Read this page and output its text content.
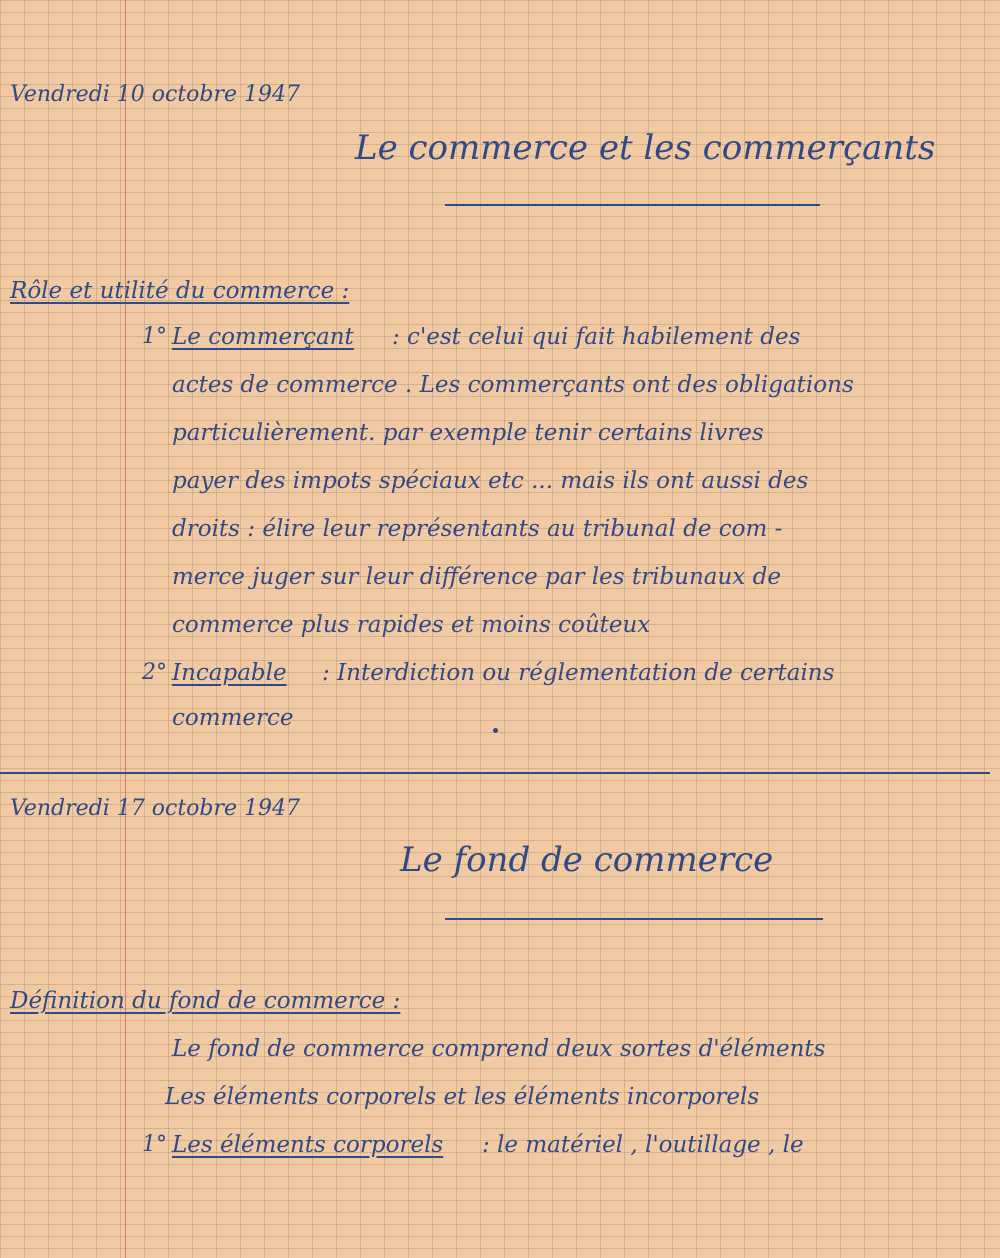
Vendredi 10 octobre 1947
Le commerce et les commerçants
Rôle et utilité du commerce :
1° Le commerçant : c'est celui qui fait habilement des
actes de commerce . Les commerçants ont des obligations
particulièrement. par exemple tenir certains livres
payer des impots spéciaux etc ... mais ils ont aussi des
droits : élire leur représentants au tribunal de com -
merce juger sur leur différence par les tribunaux de
commerce plus rapides et moins coûteux
2° Incapable : Interdiction ou réglementation de certains
commerce
Vendredi 17 octobre 1947
Le fond de commerce
Définition du fond de commerce :
Le fond de commerce comprend deux sortes d'éléments
Les éléments corporels et les éléments incorporels
1° Les éléments corporels : le matériel , l'outillage , le
